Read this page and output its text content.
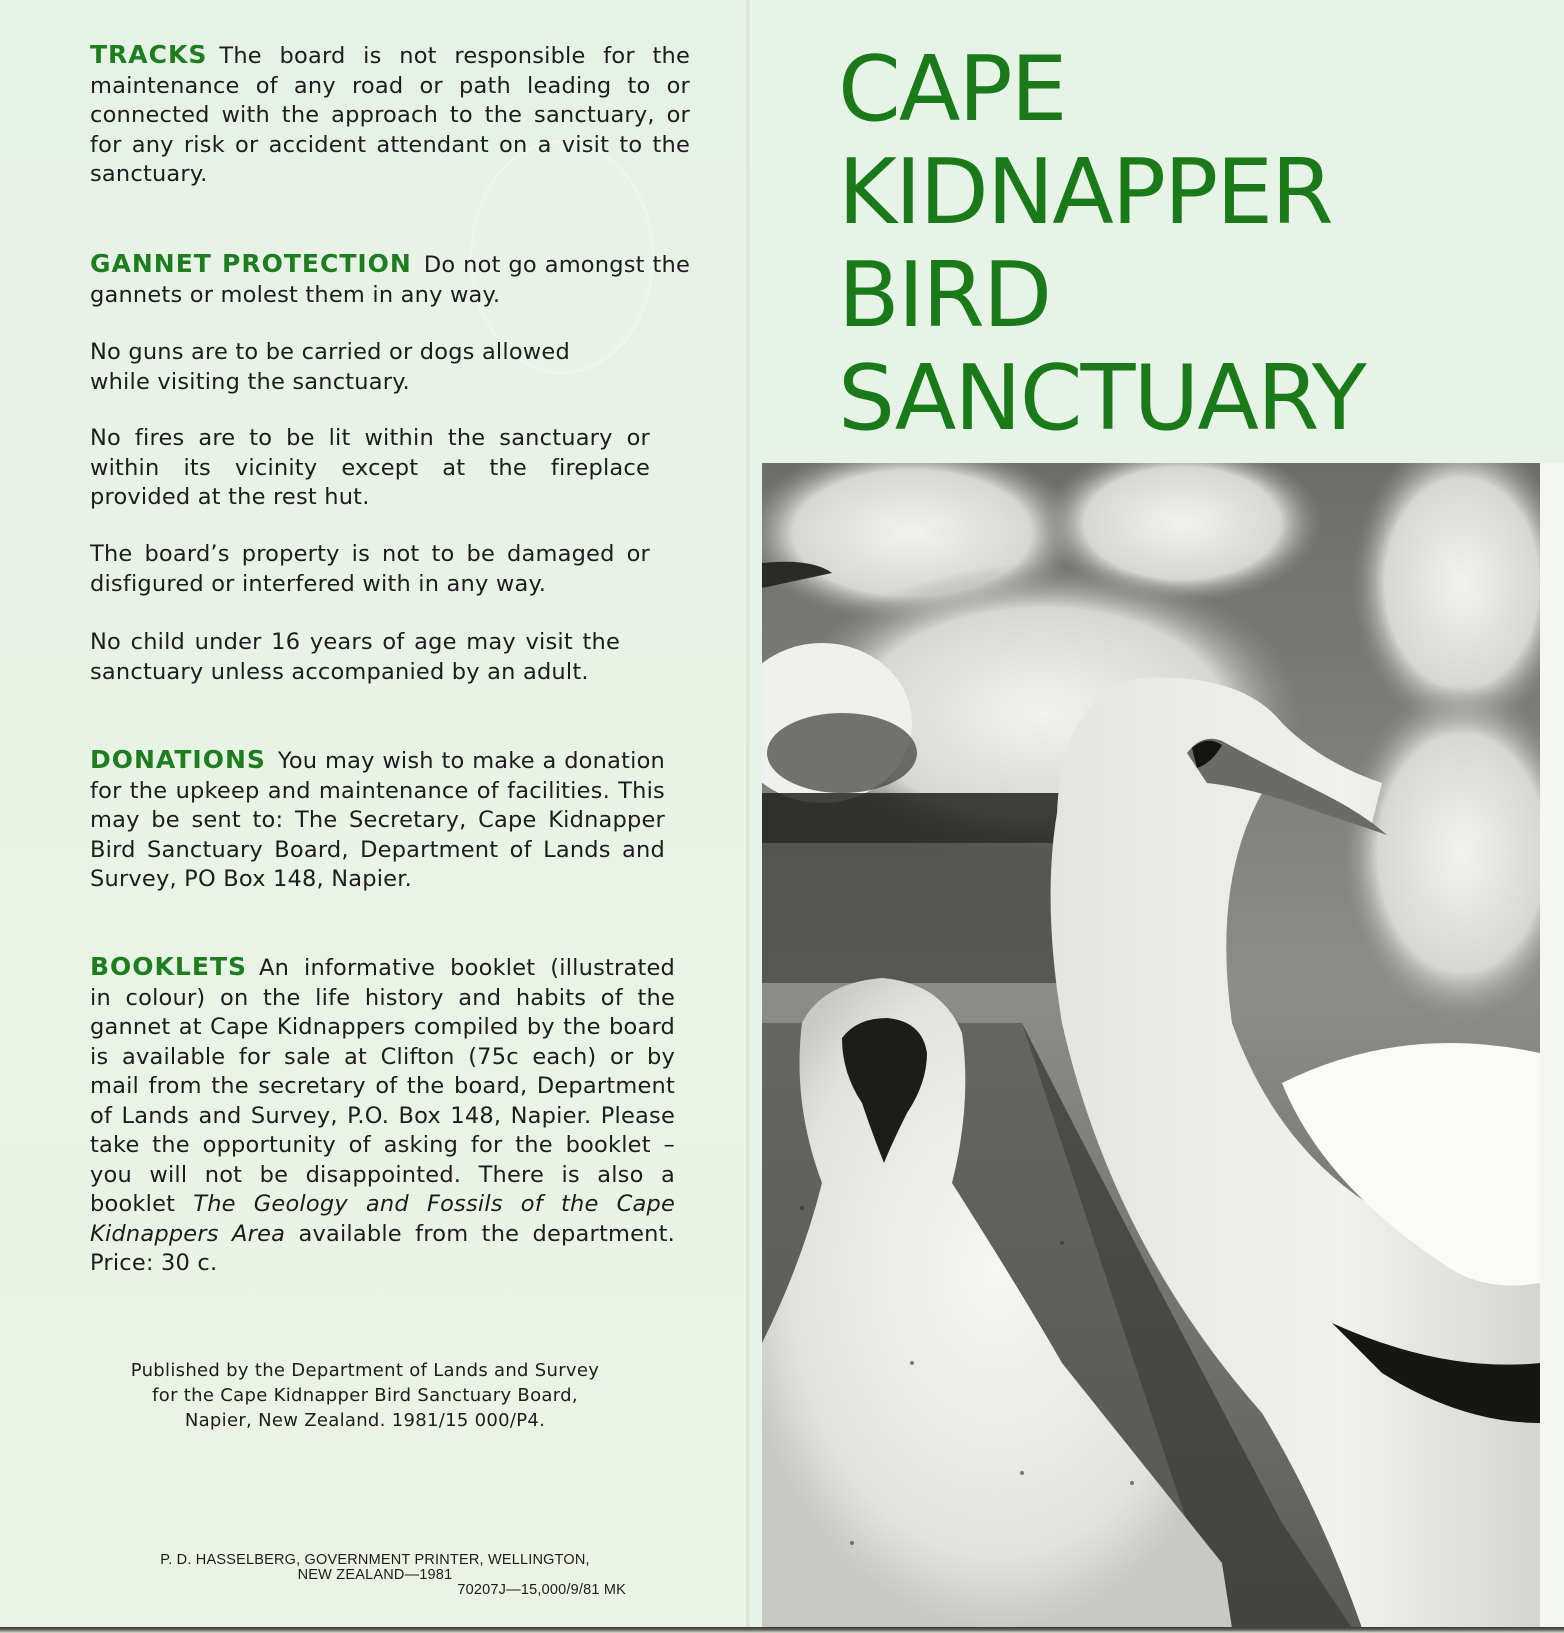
TRACKS The board is not responsible for the maintenance of any road or path leading to or connected with the approach to the sanctuary, or for any risk or accident attendant on a visit to the sanctuary.

GANNET PROTECTION Do not go amongst the gannets or molest them in any way.

No guns are to be carried or dogs allowed while visiting the sanctuary.

No fires are to be lit within the sanctuary or within its vicinity except at the fireplace provided at the rest hut.

The board’s property is not to be damaged or disfigured or interfered with in any way.

No child under 16 years of age may visit the sanctuary unless accompanied by an adult.

DONATIONS You may wish to make a donation for the upkeep and maintenance of facilities. This may be sent to: The Secretary, Cape Kidnapper Bird Sanctuary Board, Department of Lands and Survey, PO Box 148, Napier.

BOOKLETS An informative booklet (illustrated in colour) on the life history and habits of the gannet at Cape Kidnappers compiled by the board is available for sale at Clifton (75c each) or by mail from the secretary of the board, Department of Lands and Survey, P.O. Box 148, Napier. Please take the opportunity of asking for the booklet – you will not be disappointed. There is also a booklet The Geology and Fossils of the Cape Kidnappers Area available from the department. Price: 30 c.

Published by the Department of Lands and Survey
for the Cape Kidnapper Bird Sanctuary Board,
Napier, New Zealand. 1981/15 000/P4.
P. D. HASSELBERG, GOVERNMENT PRINTER, WELLINGTON,
NEW ZEALAND—1981
70207J—15,000/9/81 MK
CAPE
KIDNAPPER
BIRD
SANCTUARY
